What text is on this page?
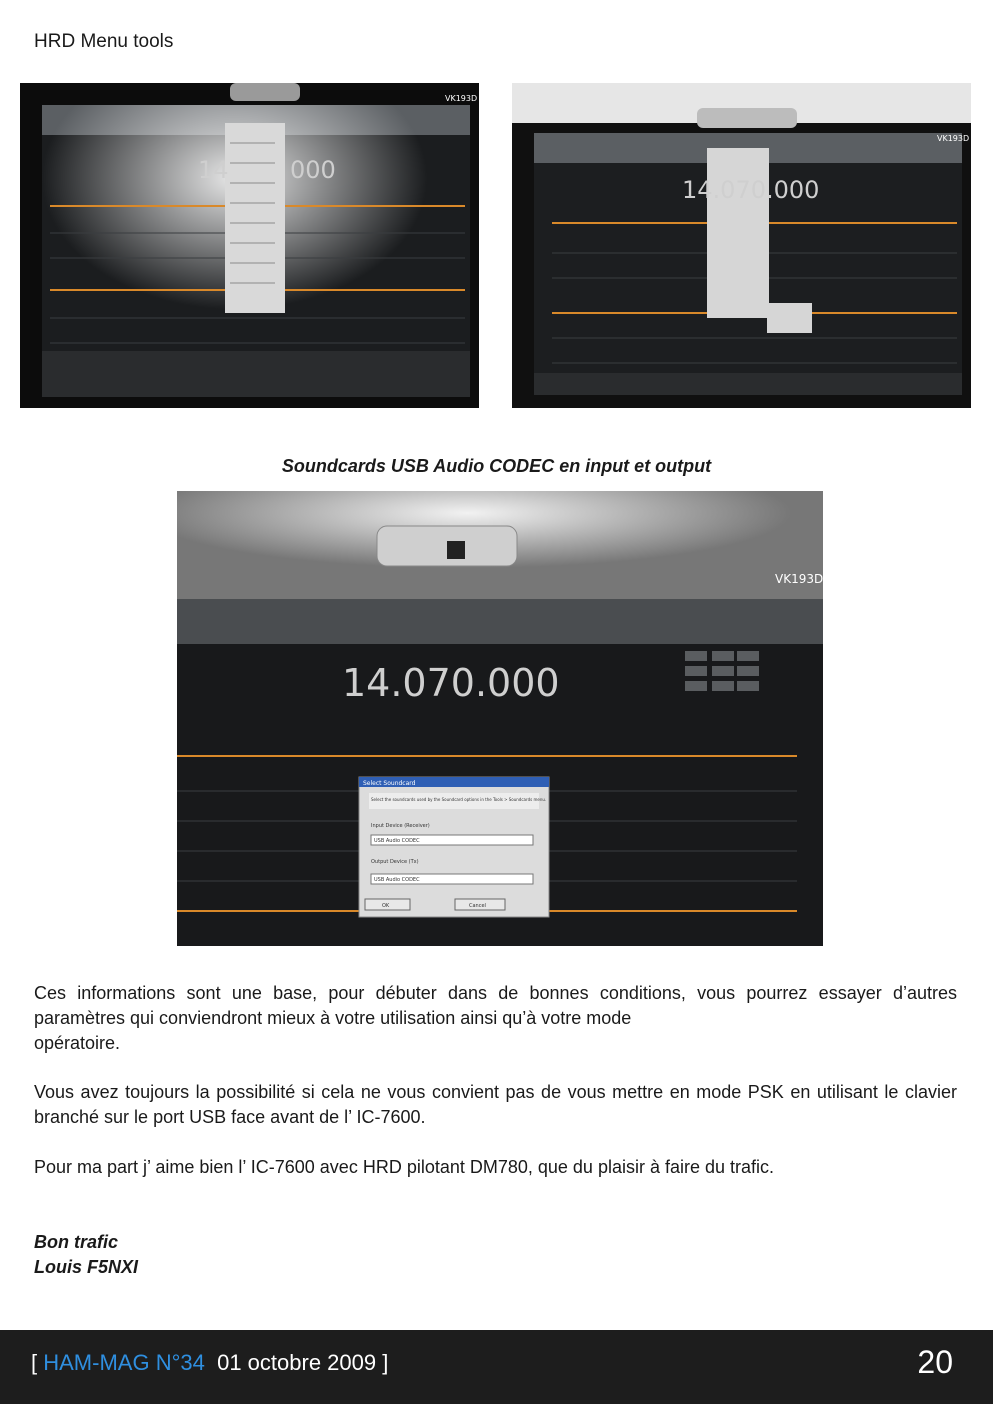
HRD Menu tools
14	000
VK193D
14.070.000
VK193D
Soundcards USB Audio CODEC en input et output
VK193D
14.070.000
Select Soundcard
Select the soundcards used by the Soundcard options in the Tools > Soundcards menu.
Input Device (Receiver)
USB Audio CODEC
Output Device (Tx)
USB Audio CODEC
OK	Cancel
Ces informations sont une base, pour débuter dans de bonnes conditions, vous pourrez essayer d’autres paramètres qui conviendront mieux à votre utilisation ainsi qu’à votre mode
opératoire.
Vous avez toujours la possibilité si cela ne vous convient pas de vous mettre en mode PSK en utilisant le clavier branché sur le port USB face avant de l’ IC-7600.
Pour ma part j’ aime bien l’ IC-7600 avec HRD pilotant DM780, que du plaisir à faire du trafic.
Bon trafic
Louis F5NXI
[ HAM-MAG N°34 01 octobre 2009 ]	20
